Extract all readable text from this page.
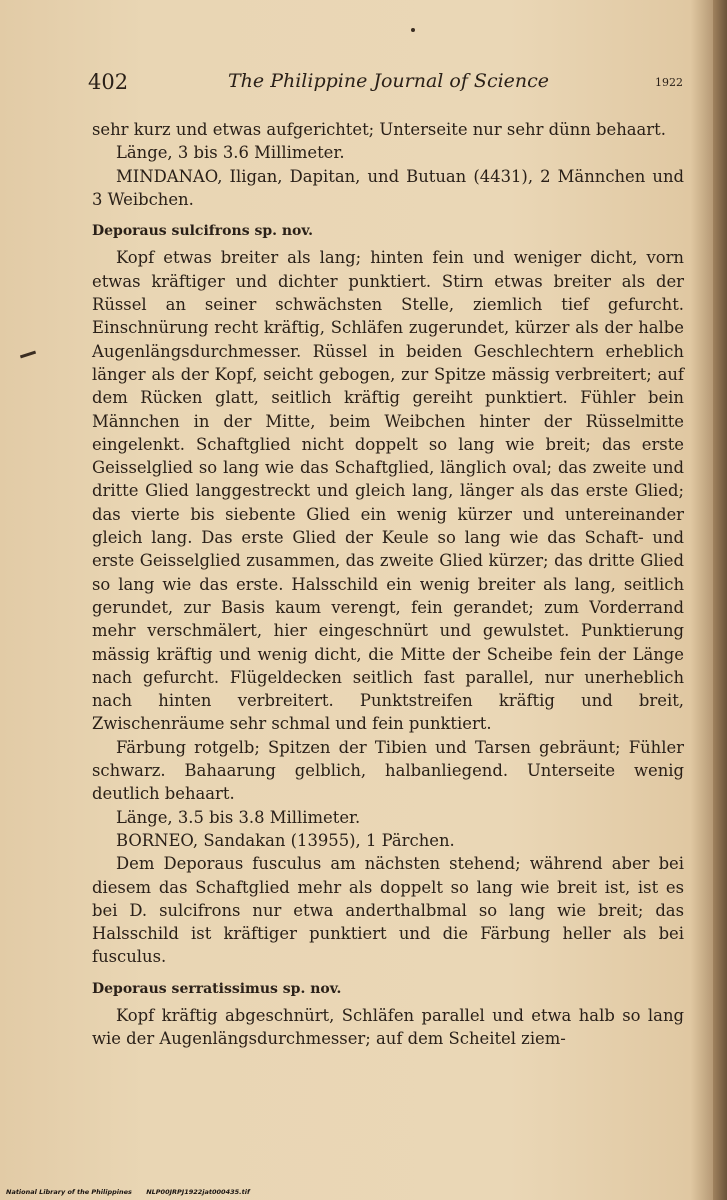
402	The Philippine Journal of Science	1922

sehr kurz und etwas aufgerichtet; Unterseite nur sehr dünn behaart.

Länge, 3 bis 3.6 Millimeter.

MINDANAO, Iligan, Dapitan, und Butuan (4431), 2 Männchen und 3 Weibchen.

Deporaus sulcifrons sp. nov.

Kopf etwas breiter als lang; hinten fein und weniger dicht, vorn etwas kräftiger und dichter punktiert. Stirn etwas breiter als der Rüssel an seiner schwächsten Stelle, ziemlich tief gefurcht. Einschnürung recht kräftig, Schläfen zugerundet, kürzer als der halbe Augenlängsdurchmesser. Rüssel in beiden Geschlechtern erheblich länger als der Kopf, seicht gebogen, zur Spitze mässig verbreitert; auf dem Rücken glatt, seitlich kräftig gereiht punktiert. Fühler bein Männchen in der Mitte, beim Weibchen hinter der Rüsselmitte eingelenkt. Schaftglied nicht doppelt so lang wie breit; das erste Geisselglied so lang wie das Schaftglied, länglich oval; das zweite und dritte Glied langgestreckt und gleich lang, länger als das erste Glied; das vierte bis siebente Glied ein wenig kürzer und untereinander gleich lang. Das erste Glied der Keule so lang wie das Schaft- und erste Geisselglied zusammen, das zweite Glied kürzer; das dritte Glied so lang wie das erste. Halsschild ein wenig breiter als lang, seitlich gerundet, zur Basis kaum verengt, fein gerandet; zum Vorderrand mehr verschmälert, hier eingeschnürt und gewulstet. Punktierung mässig kräftig und wenig dicht, die Mitte der Scheibe fein der Länge nach gefurcht. Flügeldecken seitlich fast parallel, nur unerheblich nach hinten verbreitert. Punktstreifen kräftig und breit, Zwischenräume sehr schmal und fein punktiert.

Färbung rotgelb; Spitzen der Tibien und Tarsen gebräunt; Fühler schwarz. Bahaarung gelblich, halbanliegend. Unterseite wenig deutlich behaart.

Länge, 3.5 bis 3.8 Millimeter.

BORNEO, Sandakan (13955), 1 Pärchen.

Dem Deporaus fusculus am nächsten stehend; während aber bei diesem das Schaftglied mehr als doppelt so lang wie breit ist, ist es bei D. sulcifrons nur etwa anderthalbmal so lang wie breit; das Halsschild ist kräftiger punktiert und die Färbung heller als bei fusculus.

Deporaus serratissimus sp. nov.

Kopf kräftig abgeschnürt, Schläfen parallel und etwa halb so lang wie der Augenlängsdurchmesser; auf dem Scheitel ziem-

National Library of the Philippines NLP00JRPJ1922jat000435.tif
